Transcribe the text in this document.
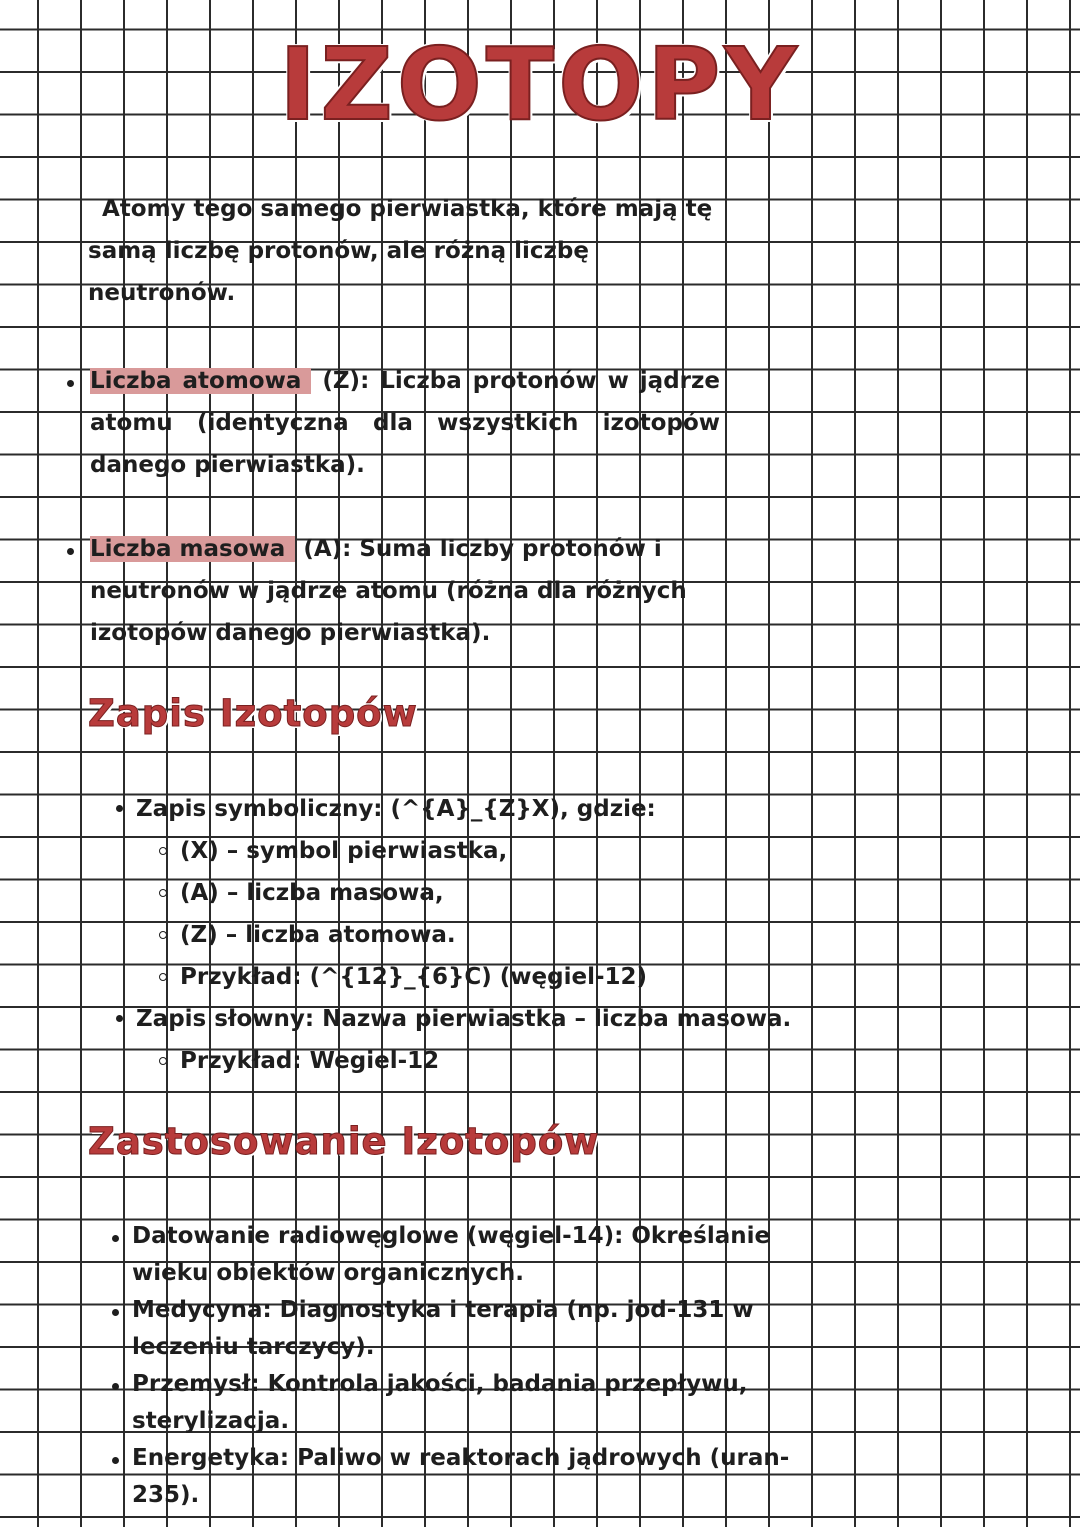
IZOTOPY

Atomy tego samego pierwiastka, które mają tę samą liczbę protonów, ale różną liczbę neutronów.

Liczba atomowa (Z): Liczba protonów w jądrze atomu (identyczna dla wszystkich izotopów danego pierwiastka).

Liczba masowa (A): Suma liczby protonów i neutronów w jądrze atomu (różna dla różnych izotopów danego pierwiastka).

Zapis Izotopów
Zapis symboliczny: (^{A}_{Z}X), gdzie:
(X) – symbol pierwiastka,
(A) – liczba masowa,
(Z) – liczba atomowa.
Przykład: (^{12}_{6}C) (węgiel-12)
Zapis słowny: Nazwa pierwiastka – liczba masowa.
Przykład: Wegiel-12
Zastosowanie Izotopów
Datowanie radiowęglowe (węgiel-14): Określanie wieku obiektów organicznych.
Medycyna: Diagnostyka i terapia (np. jod-131 w leczeniu tarczycy).
Przemysł: Kontrola jakości, badania przepływu, sterylizacja.
Energetyka: Paliwo w reaktorach jądrowych (uran-235).
